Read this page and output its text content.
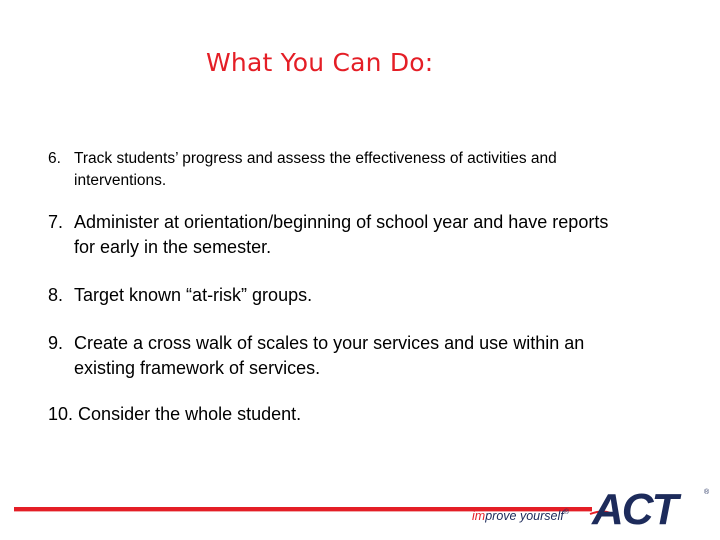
What You Can Do:
6. Track students’ progress and assess the effectiveness of activities and
interventions.
7. Administer at orientation/beginning of school year and have reports
for early in the semester.
8. Target known “at-risk” groups.
9. Create a cross walk of scales to your services and use within an
existing framework of services.
10. Consider the whole student.
improve yourself® ACT	®
